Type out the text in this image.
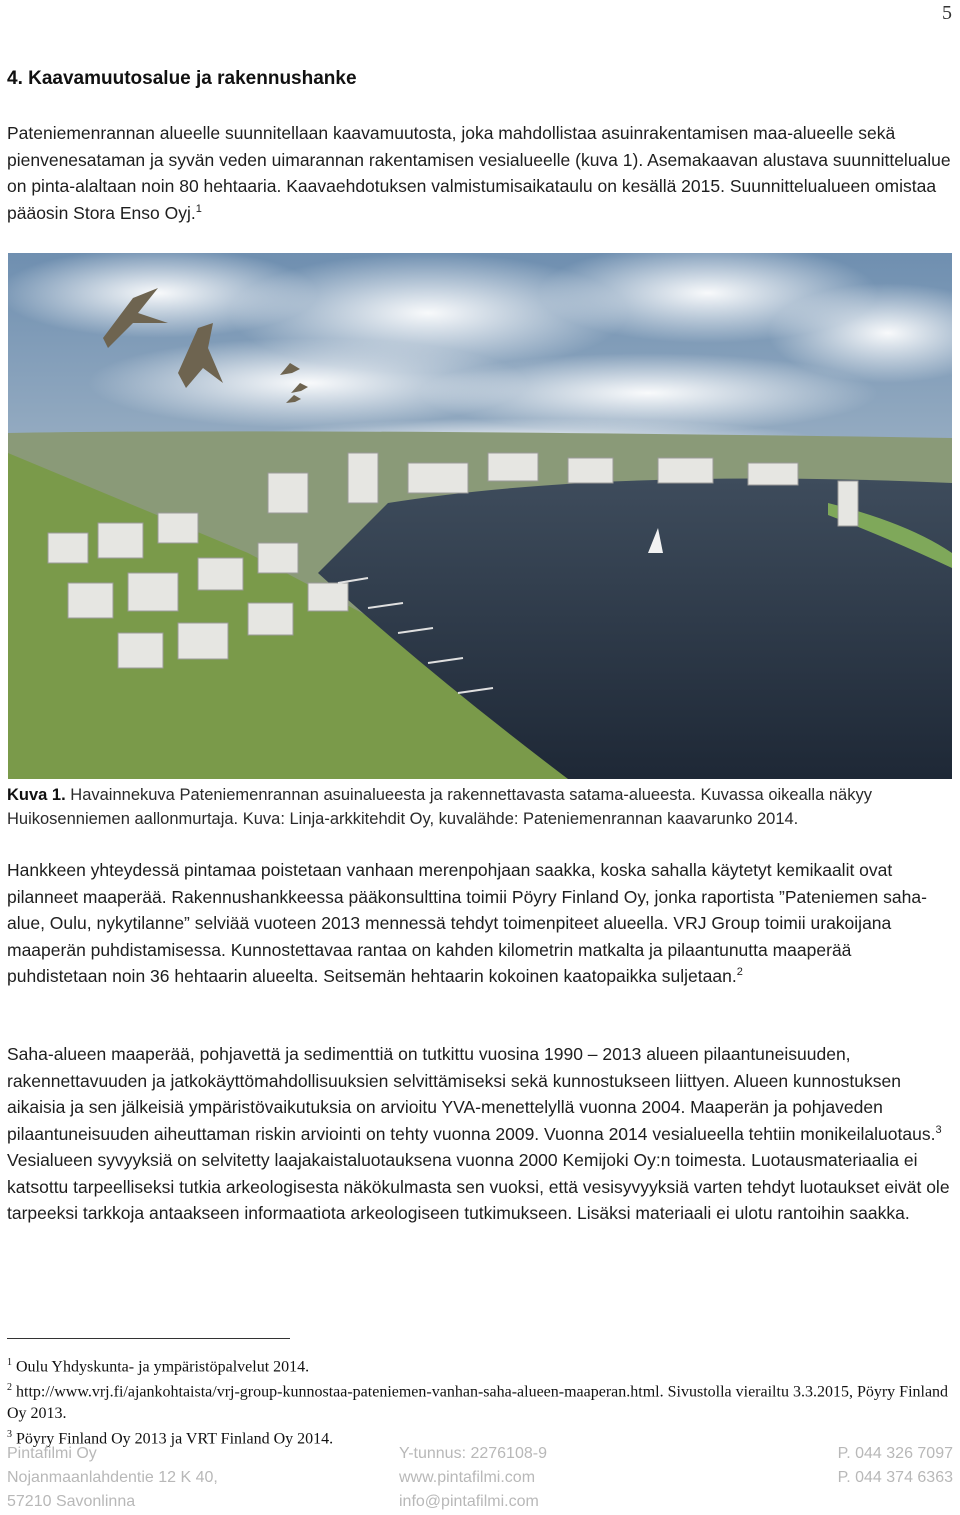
5
4. Kaavamuutosalue ja rakennushanke

Pateniemenrannan alueelle suunnitellaan kaavamuutosta, joka mahdollistaa asuinrakentamisen maa-alueelle sekä pienvenesataman ja syvän veden uimarannan rakentamisen vesialueelle (kuva 1). Asemakaavan alustava suunnittelualue on pinta-alaltaan noin 80 hehtaaria. Kaavaehdotuksen valmistumisaikataulu on kesällä 2015. Suunnittelualueen omistaa pääosin Stora Enso Oyj.$^1$

Kuva 1. Havainnekuva Pateniemenrannan asuinalueesta ja rakennettavasta satama-alueesta. Kuvassa oikealla näkyy Huikosenniemen aallonmurtaja. Kuva: Linja-arkkitehdit Oy, kuvalähde: Pateniemenrannan kaavarunko 2014.

Hankkeen yhteydessä pintamaa poistetaan vanhaan merenpohjaan saakka, koska sahalla käytetyt kemikaalit ovat pilanneet maaperää. Rakennushankkeessa pääkonsulttina toimii Pöyry Finland Oy, jonka raportista ”Pateniemen saha-alue, Oulu, nykytilanne” selviää vuoteen 2013 mennessä tehdyt toimenpiteet alueella. VRJ Group toimii urakoijana maaperän puhdistamisessa. Kunnostettavaa rantaa on kahden kilometrin matkalta ja pilaantunutta maaperää puhdistetaan noin 36 hehtaarin alueelta. Seitsemän hehtaarin kokoinen kaatopaikka suljetaan.$^2$

Saha-alueen maaperää, pohjavettä ja sedimenttiä on tutkittu vuosina 1990 – 2013 alueen pilaantuneisuuden, rakennettavuuden ja jatkokäyttömahdollisuuksien selvittämiseksi sekä kunnostukseen liittyen. Alueen kunnostuksen aikaisia ja sen jälkeisiä ympäristövaikutuksia on arvioitu YVA-menettelyllä vuonna 2004. Maaperän ja pohjaveden pilaantuneisuuden aiheuttaman riskin arviointi on tehty vuonna 2009. Vuonna 2014 vesialueella tehtiin monikeilaluotaus.$^3$ Vesialueen syvyyksiä on selvitetty laajakaistaluotauksena vuonna 2000 Kemijoki Oy:n toimesta. Luotausmateriaalia ei katsottu tarpeelliseksi tutkia arkeologisesta näkökulmasta sen vuoksi, että vesisyvyyksiä varten tehdyt luotaukset eivät ole tarpeeksi tarkkoja antaakseen informaatiota arkeologiseen tutkimukseen. Lisäksi materiaali ei ulotu rantoihin saakka.

$^1$ Oulu Yhdyskunta- ja ympäristöpalvelut 2014.

$^2$ http://www.vrj.fi/ajankohtaista/vrj-group-kunnostaa-pateniemen-vanhan-saha-alueen-maaperan.html. Sivustolla vierailtu 3.3.2015, Pöyry Finland Oy 2013.

$^3$ Pöyry Finland Oy 2013 ja VRT Finland Oy 2014.

Pintafilmi Oy
Nojanmaanlahdentie 12 K 40,
57210 Savonlinna
Y-tunnus: 2276108-9
www.pintafilmi.com
info@pintafilmi.com
P. 044 326 7097
P. 044 374 6363
